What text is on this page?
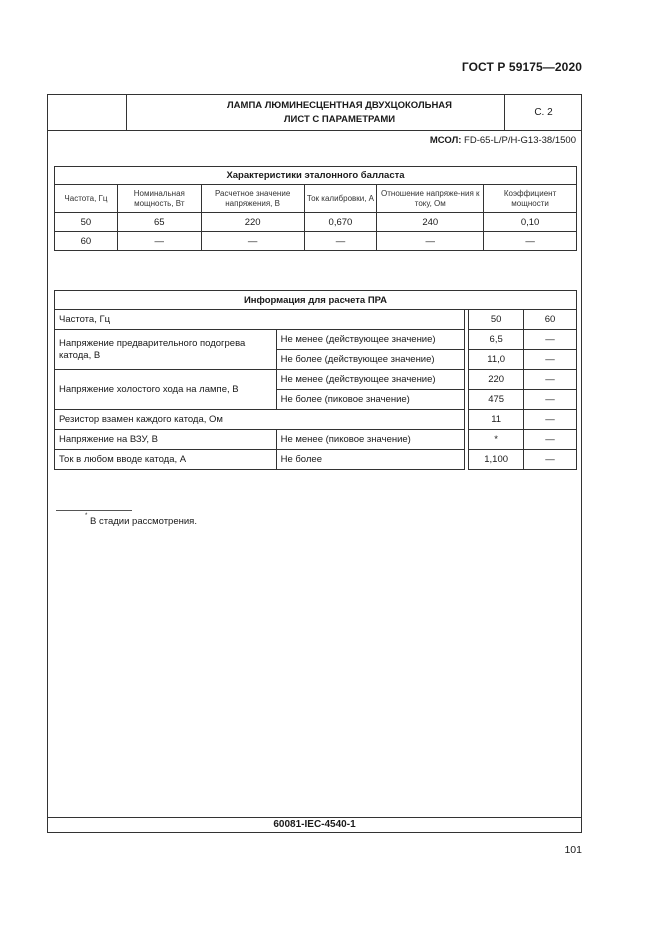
ГОСТ Р 59175—2020
ЛАМПА ЛЮМИНЕСЦЕНТНАЯ ДВУХЦОКОЛЬНАЯ
ЛИСТ С ПАРАМЕТРАМИ
С. 2
МСОЛ: FD-65-L/P/H-G13-38/1500
Характеристики эталонного балласта					
Частота, Гц	Номинальная мощность, Вт	Расчетное значение напряжения, В	Ток калибровки, А	Отношение напряже-ния к току, Ом	Коэффициент мощности
50	65	220	0,670	240	0,10
60	—	—	—	—	—
Информация для расчета ПРА				
Частота, Гц			50	60
Напряжение предварительного подогрева катода, В	Не менее (действующее значение)		6,5	—
	Не более (действующее значение)		11,0	—
Напряжение холостого хода на лампе, В	Не менее (действующее значение)		220	—
	Не более (пиковое значение)		475	—
Резистор взамен каждого катода, Ом			11	—
Напряжение на ВЗУ, В	Не менее (пиковое значение)		*	—
Ток в любом вводе катода, А	Не более		1,100	—
* В стадии рассмотрения.
60081-IEC-4540-1
101
